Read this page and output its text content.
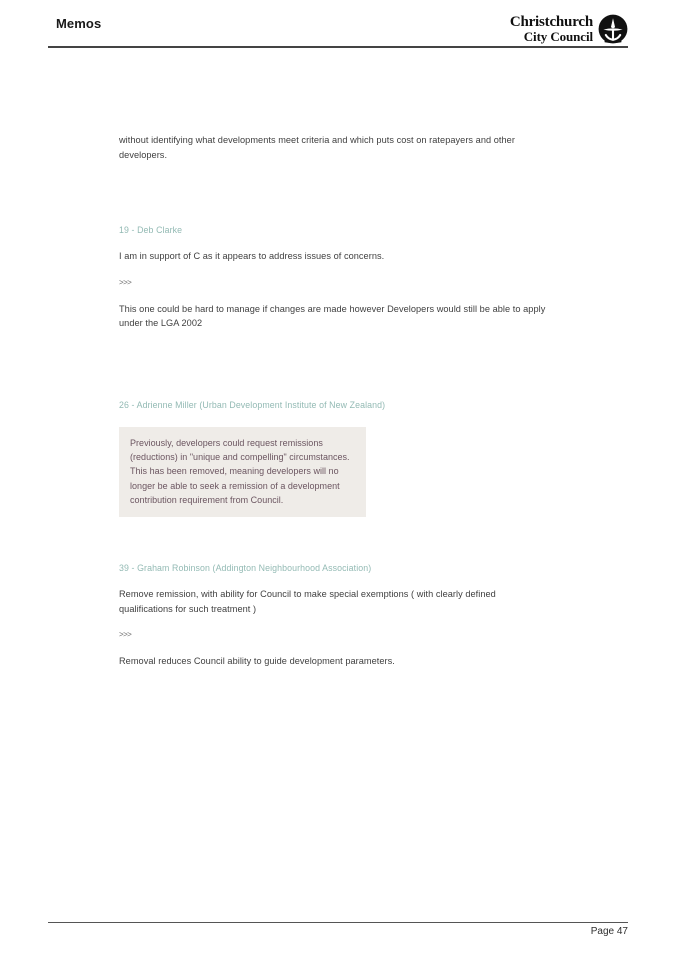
Memos	Christchurch
City Council

without identifying what developments meet criteria and which puts cost on ratepayers and other developers.

19 - Deb Clarke

I am in support of C as it appears to address issues of concerns.

>>>

This one could be hard to manage if changes are made however Developers would still be able to apply under the LGA 2002

26 - Adrienne Miller (Urban Development Institute of New Zealand)

Previously, developers could request remissions (reductions) in "unique and compelling" circumstances. This has been removed, meaning developers will no longer be able to seek a remission of a development contribution requirement from Council.

39 - Graham Robinson (Addington Neighbourhood Association)

Remove remission, with ability for Council to make special exemptions ( with clearly defined qualifications for such treatment )

>>>

Removal reduces Council ability to guide development parameters.

Page 47
